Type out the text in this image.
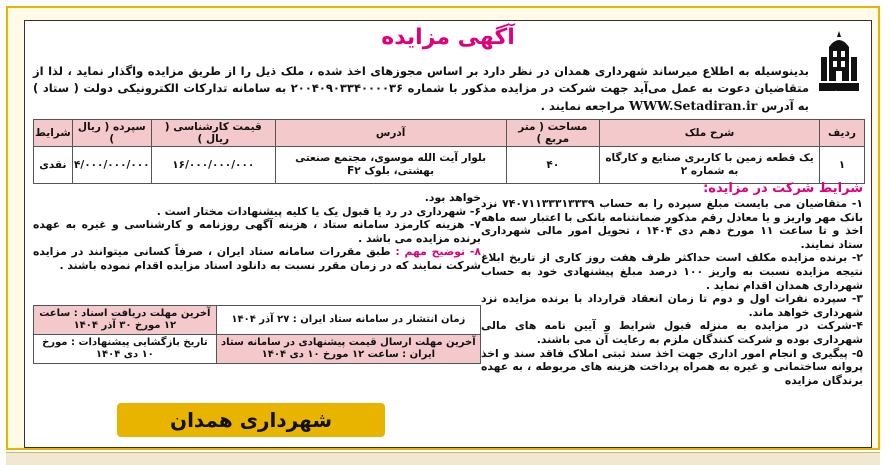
آگهی مزایده
شهرداری
بدینوسیله به اطلاع میرساند شهرداری همدان در نظر دارد بر اساس مجوزهای اخذ شده ، ملک ذیل را از طریق مزایده واگذار نماید ، لذا از متقاضیان دعوت به عمل می‌آید جهت شرکت در مزایده مذکور با شماره ۲۰۰۴۰۹۰۳۳۴۰۰۰۰۳۶ به سامانه تدارکات الکترونیکی دولت ( ستاد ) به آدرس WWW.Setadiran.ir مراجعه نمایند .
ردیف	شرح ملک	مساحت ( متر مربع )	آدرس	قیمت کارشناسی ( ریال )	سپرده ( ریال )	شرایط
۱	یک قطعه زمین با کاربری صنایع و کارگاه به شماره ۲	۴۰	بلوار آیت الله موسوی، مجتمع صنعتی بهشتی، بلوک F۲	۱۶/۰۰۰/۰۰۰/۰۰۰	۴/۰۰۰/۰۰۰/۰۰۰	نقدی
شرایط شرکت در مزایده:
۱- متقاضیان می بایست مبلغ سپرده را به حساب ۷۴۰۷۱۱۳۳۳۱۳۳۳۹ نزد بانک مهر واریز و یا معادل رقم مذکور ضمانتنامه بانکی با اعتبار سه ماهه اخذ و تا ساعت ۱۱ مورخ دهم دی ۱۴۰۴ ، تحویل امور مالی شهرداری ستاد نمایند.
۲- برنده مزایده مکلف است حداکثر ظرف هفت روز کاری از تاریخ ابلاغ نتیجه مزایده نسبت به واریز ۱۰۰ درصد مبلغ پیشنهادی خود به حساب شهرداری همدان اقدام نماید .
۳- سپرده نفرات اول و دوم تا زمان انعقاد قرارداد با برنده مزایده نزد شهرداری خواهد ماند.
۴-شرکت در مزایده به منزله قبول شرایط و آیین نامه های مالی شهرداری بوده و شرکت کنندگان ملزم به رعایت آن می باشند.
۵- پیگیری و انجام امور اداری جهت اخذ سند ثبتی املاک فاقد سند و اخذ پروانه ساختمانی و غیره به همراه پرداخت هزینه های مربوطه ، به عهده برندگان مزایده
خواهد بود.
۶- شهرداری در رد یا قبول یک یا کلیه پیشنهادات مختار است .
۷- هزینه کارمزد سامانه ستاد ، هزینه آگهی روزنامه و کارشناسی و غیره به عهده برنده مزایده می باشد .
۸- توضیح مهم : طبق مقررات سامانه ستاد ایران ، صرفاً کسانی میتوانند در مزایده شرکت نمایند که در زمان مقرر نسبت به دانلود اسناد مزایده اقدام نموده باشند .
زمان انتشار در سامانه ستاد ایران : ۲۷ آذر ۱۴۰۴	آخرین مهلت دریافت اسناد : ساعت ۱۲ مورخ ۳۰ آذر ۱۴۰۴
آخرین مهلت ارسال قیمت پیشنهادی در سامانه ستاد ایران : ساعت ۱۲ مورخ ۱۰ دی ۱۴۰۴	تاریخ بازگشایی پیشنهادات : مورخ ۱۰ دی ۱۴۰۴
شهرداری همدان
